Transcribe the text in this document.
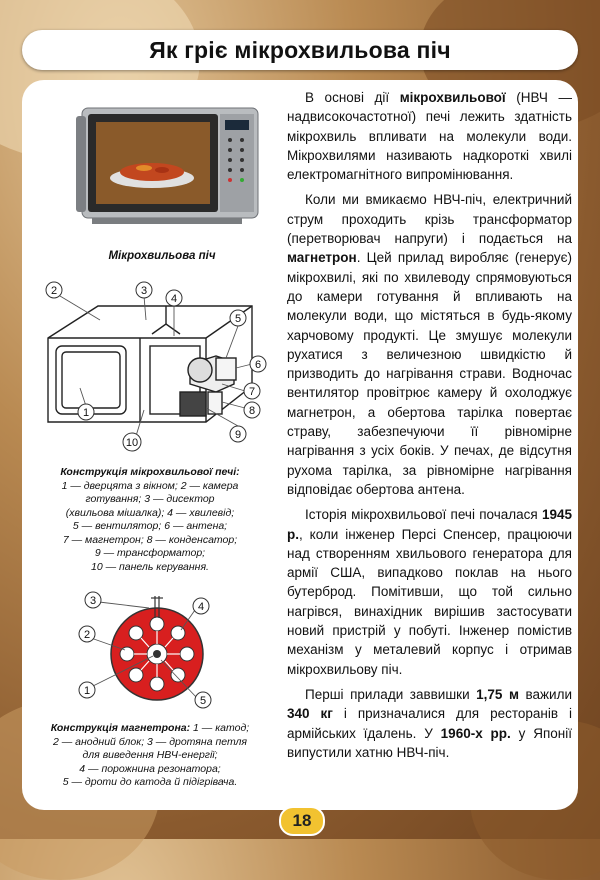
Як гріє мікрохвильова піч
Мікрохвильова піч
2	3
4
5
6
7
8
9
1
10
Конструкція мікрохвильової печі:
1 — дверцята з вікном; 2 — камера
готування; 3 — дисектор
(хвильова мішалка); 4 — хвилевід;
5 — вентилятор; 6 — антена;
7 — магнетрон; 8 — конденсатор;
9 — трансформатор;
10 — панель керування.
3	4
2
1
5
Конструкція магнетрона: 1 — катод;
2 — анодний блок; 3 — дротяна петля
для виведення НВЧ-енергії;
4 — порожнина резонатора;
5 — дроти до катода й підігрівача.

В основі дії мікрохвильової (НВЧ — надвисокочастотної) печі лежить здатність мікрохвиль впливати на молекули води. Мікрохвилями називають надкороткі хвилі електромагнітного випромінювання.

Коли ми вмикаємо НВЧ-піч, електричний струм проходить крізь трансформатор (перетворювач напруги) і подається на магнетрон. Цей прилад виробляє (генерує) мікрохвилі, які по хвилеводу спрямовуються до камери готування й впливають на молекули води, що містяться в будь-якому харчовому продукті. Це змушує молекули рухатися з величезною швидкістю й призводить до нагрівання страви. Водночас вентилятор провітрює камеру й охолоджує магнетрон, а обертова тарілка повертає страву, забезпечуючи її рівномірне нагрівання з усіх боків. У печах, де відсутня рухома тарілка, за рівномірне нагрівання відповідає обертова антена.

Історія мікрохвильової печі почалася 1945 р., коли інженер Персі Спенсер, працюючи над створенням хвильового генератора для армії США, випадково поклав на нього бутерброд. Помітивши, що той сильно нагрівся, винахідник вирішив застосувати новий пристрій у побуті. Інженер помістив механізм у металевий корпус і отримав мікрохвильову піч.

Перші прилади заввишки 1,75 м важили 340 кг і призначалися для ресторанів і армійських їдалень. У 1960-х рр. у Японії випустили хатню НВЧ-піч.

18
